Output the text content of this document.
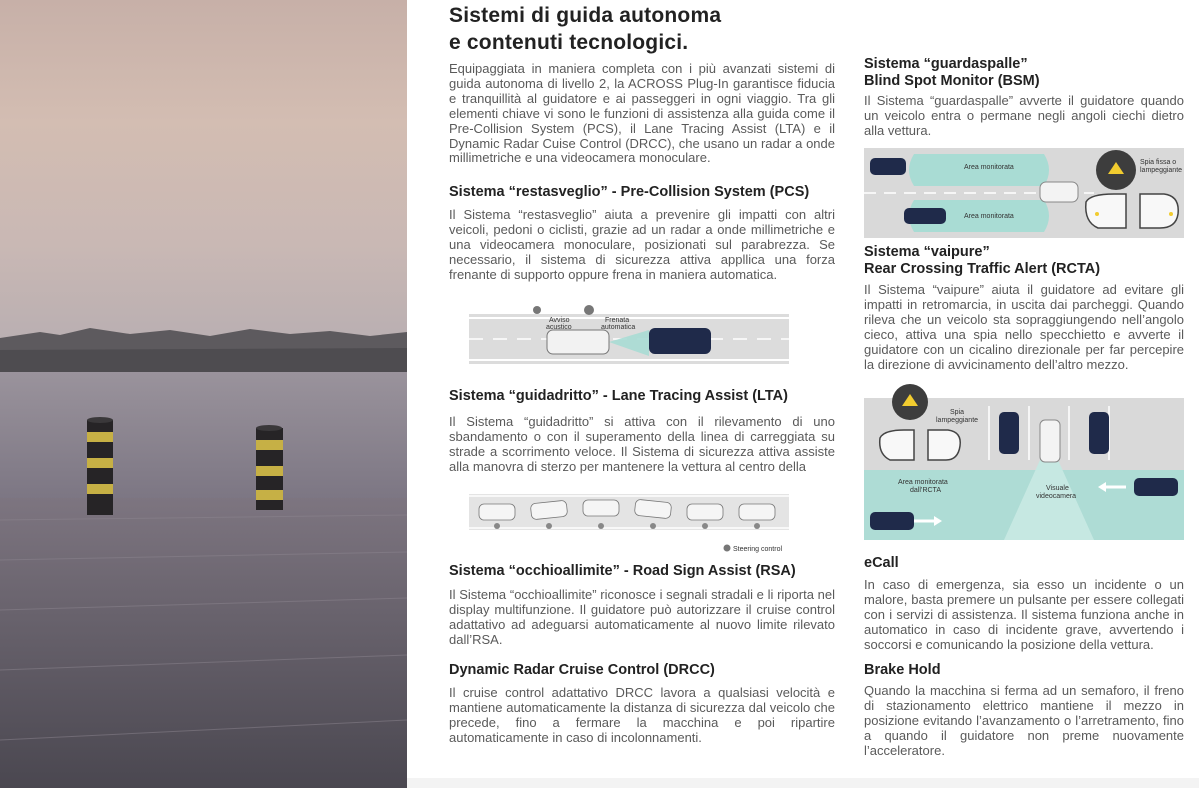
Sistemi di guida autonoma
e contenuti tecnologici.

Equipaggiata in maniera completa con i più avanzati sistemi di guida autonoma di livello 2, la ACROSS Plug-In garantisce fiducia e tranquillità al guidatore e ai passeggeri in ogni viaggio. Tra gli elementi chiave vi sono le funzioni di assistenza alla guida come il Pre-Collision System (PCS), il Lane Tracing Assist (LTA) e il Dynamic Radar Cuise Control (DRCC), che usano un radar a onde millimetriche e una videocamera monoculare.

Sistema “restasveglio” - Pre-Collision System (PCS)

Il Sistema “restasveglio” aiuta a prevenire gli impatti con altri veicoli, pedoni o ciclisti, grazie ad un radar a onde millimetriche e una videocamera monoculare, posizionati sul parabrezza. Se necessario, il sistema di sicurezza attiva appllica una forza frenante di supporto oppure frena in maniera automatica.

Avviso
acustico
Frenata
automatica
Sistema “guidadritto” - Lane Tracing Assist (LTA)

Il Sistema “guidadritto” si attiva con il rilevamento di uno sbandamento o con il superamento della linea di carreggiata su strade a scorrimento veloce. Il Sistema di sicurezza attiva assiste alla manovra di sterzo per mantenere la vettura al centro della

Steering control
Sistema “occhioallimite” - Road Sign Assist (RSA)

Il Sistema “occhioallimite” riconosce i segnali stradali e li riporta nel display multifunzione. Il guidatore può autorizzare il cruise control adattativo ad adeguarsi automaticamente al nuovo limite rilevato dall’RSA.

Dynamic Radar Cruise Control (DRCC)

Il cruise control adattativo DRCC lavora a qualsiasi velocità e mantiene automaticamente la distanza di sicurezza dal veicolo che precede, fino a fermare la macchina e poi ripartire automaticamente in caso di incolonnamenti.

Sistema “guardaspalle”
Blind Spot Monitor (BSM)

Il Sistema “guardaspalle” avverte il guidatore quando un veicolo entra o permane negli angoli ciechi dietro alla vettura.

Area monitorata
Area monitorata
Spia fissa o
lampeggiante
Sistema “vaipure”
Rear Crossing Traffic Alert (RCTA)

Il Sistema “vaipure” aiuta il guidatore ad evitare gli impatti in retromarcia, in uscita dai parcheggi. Quando rileva che un veicolo sta sopraggiungendo nell’angolo cieco, attiva una spia nello specchietto e avverte il guidatore con un cicalino direzionale per far percepire la direzione di avvicinamento dell’altro mezzo.

Spia
lampeggiante
Area monitorata
dall’RCTA	Visuale
videocamera
eCall

In caso di emergenza, sia esso un incidente o un malore, basta premere un pulsante per essere collegati con i servizi di assistenza. Il sistema funziona anche in automatico in caso di incidente grave, avvertendo i soccorsi e comunicando la posizione della vettura.

Brake Hold

Quando la macchina si ferma ad un semaforo, il freno di stazionamento elettrico mantiene il mezzo in posizione evitando l’avanzamento o l’arretramento, fino a quando il guidatore non preme nuovamente l’acceleratore.
